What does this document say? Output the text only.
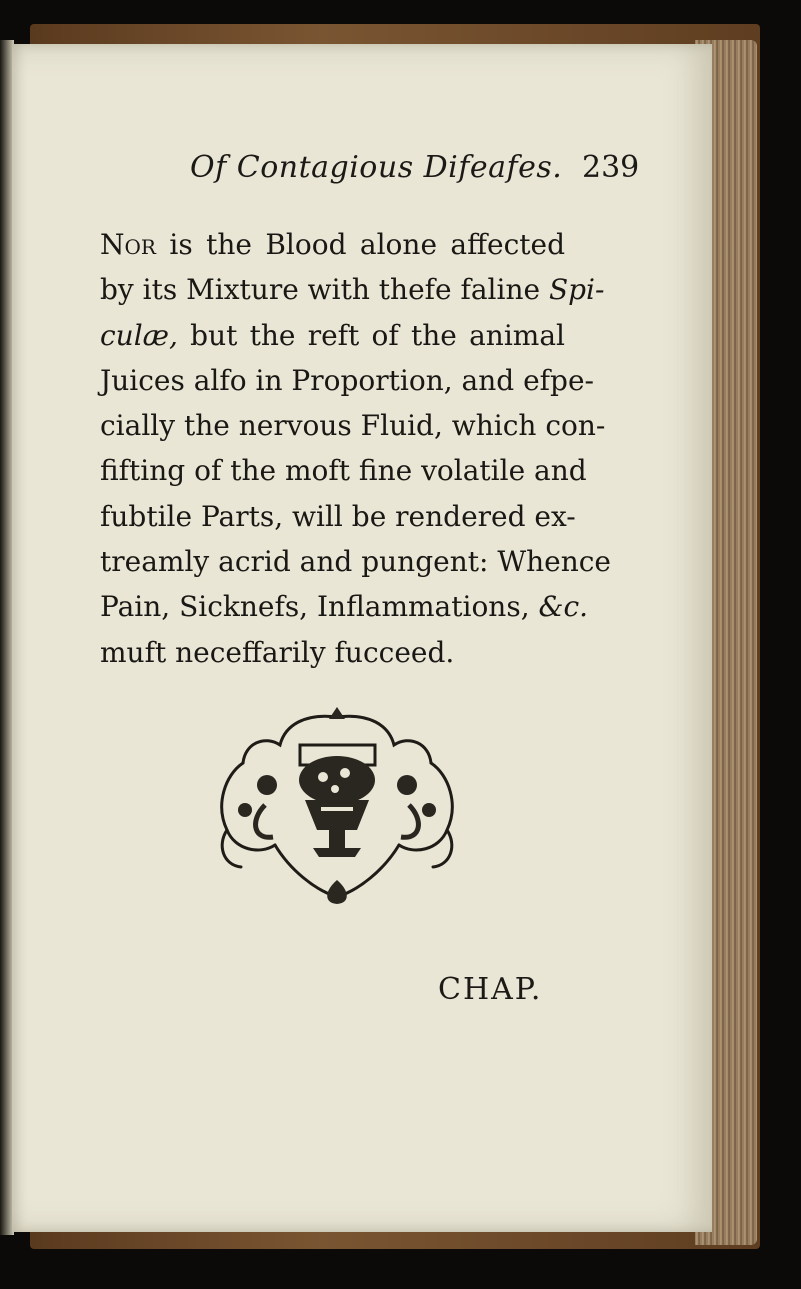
Of Contagious Difeafes. 239
Nor is the Blood alone affected
by its Mixture with thefe faline Spi-
culæ, but the reft of the animal
Juices alfo in Proportion, and efpe-
cially the nervous Fluid, which con-
fifting of the moft fine volatile and
fubtile Parts, will be rendered ex-
treamly acrid and pungent: Whence
Pain, Sicknefs, Inflammations, &c.
muft neceffarily fucceed.
CHAP.
